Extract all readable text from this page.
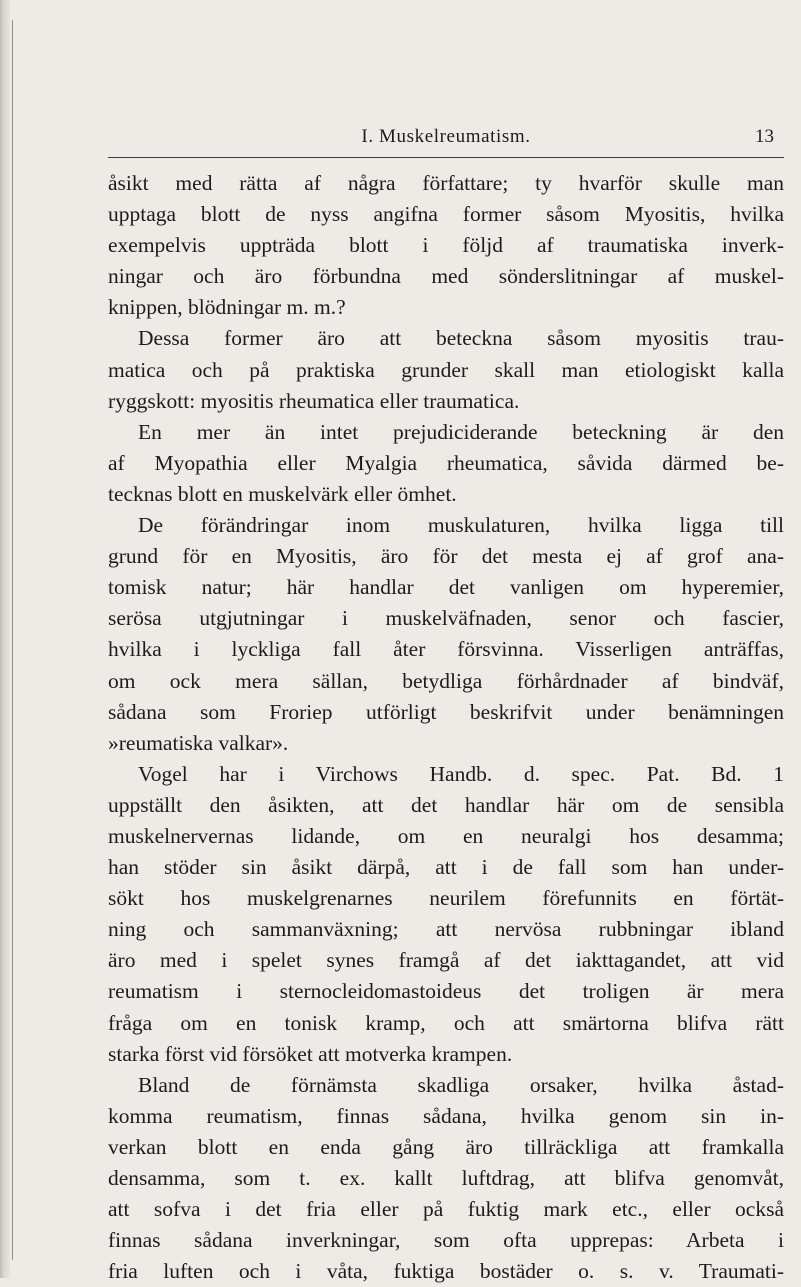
I. Muskelreumatism.	13
åsikt med rätta af några författare; ty hvarför skulle man
upptaga blott de nyss angifna former såsom Myositis, hvilka
exempelvis uppträda blott i följd af traumatiska inverk-
ningar och äro förbundna med sönderslitningar af muskel-
knippen, blödningar m. m.?
Dessa former äro att beteckna såsom myositis trau-
matica och på praktiska grunder skall man etiologiskt kalla
ryggskott: myositis rheumatica eller traumatica.
En mer än intet prejudiciderande beteckning är den
af Myopathia eller Myalgia rheumatica, såvida därmed be-
tecknas blott en muskelvärk eller ömhet.
De förändringar inom muskulaturen, hvilka ligga till
grund för en Myositis, äro för det mesta ej af grof ana-
tomisk natur; här handlar det vanligen om hyperemier,
serösa utgjutningar i muskelväfnaden, senor och fascier,
hvilka i lyckliga fall åter försvinna. Visserligen anträffas,
om ock mera sällan, betydliga förhårdnader af bindväf,
sådana som Froriep utförligt beskrifvit under benämningen
»reumatiska valkar».
Vogel har i Virchows Handb. d. spec. Pat. Bd. 1
uppställt den åsikten, att det handlar här om de sensibla
muskelnervernas lidande, om en neuralgi hos desamma;
han stöder sin åsikt därpå, att i de fall som han under-
sökt hos muskelgrenarnes neurilem förefunnits en förtät-
ning och sammanväxning; att nervösa rubbningar ibland
äro med i spelet synes framgå af det iakttagandet, att vid
reumatism i sternocleidomastoideus det troligen är mera
fråga om en tonisk kramp, och att smärtorna blifva rätt
starka först vid försöket att motverka krampen.
Bland de förnämsta skadliga orsaker, hvilka åstad-
komma reumatism, finnas sådana, hvilka genom sin in-
verkan blott en enda gång äro tillräckliga att framkalla
densamma, som t. ex. kallt luftdrag, att blifva genomvåt,
att sofva i det fria eller på fuktig mark etc., eller också
finnas sådana inverkningar, som ofta upprepas: Arbeta i
fria luften och i våta, fuktiga bostäder o. s. v. Traumati-
